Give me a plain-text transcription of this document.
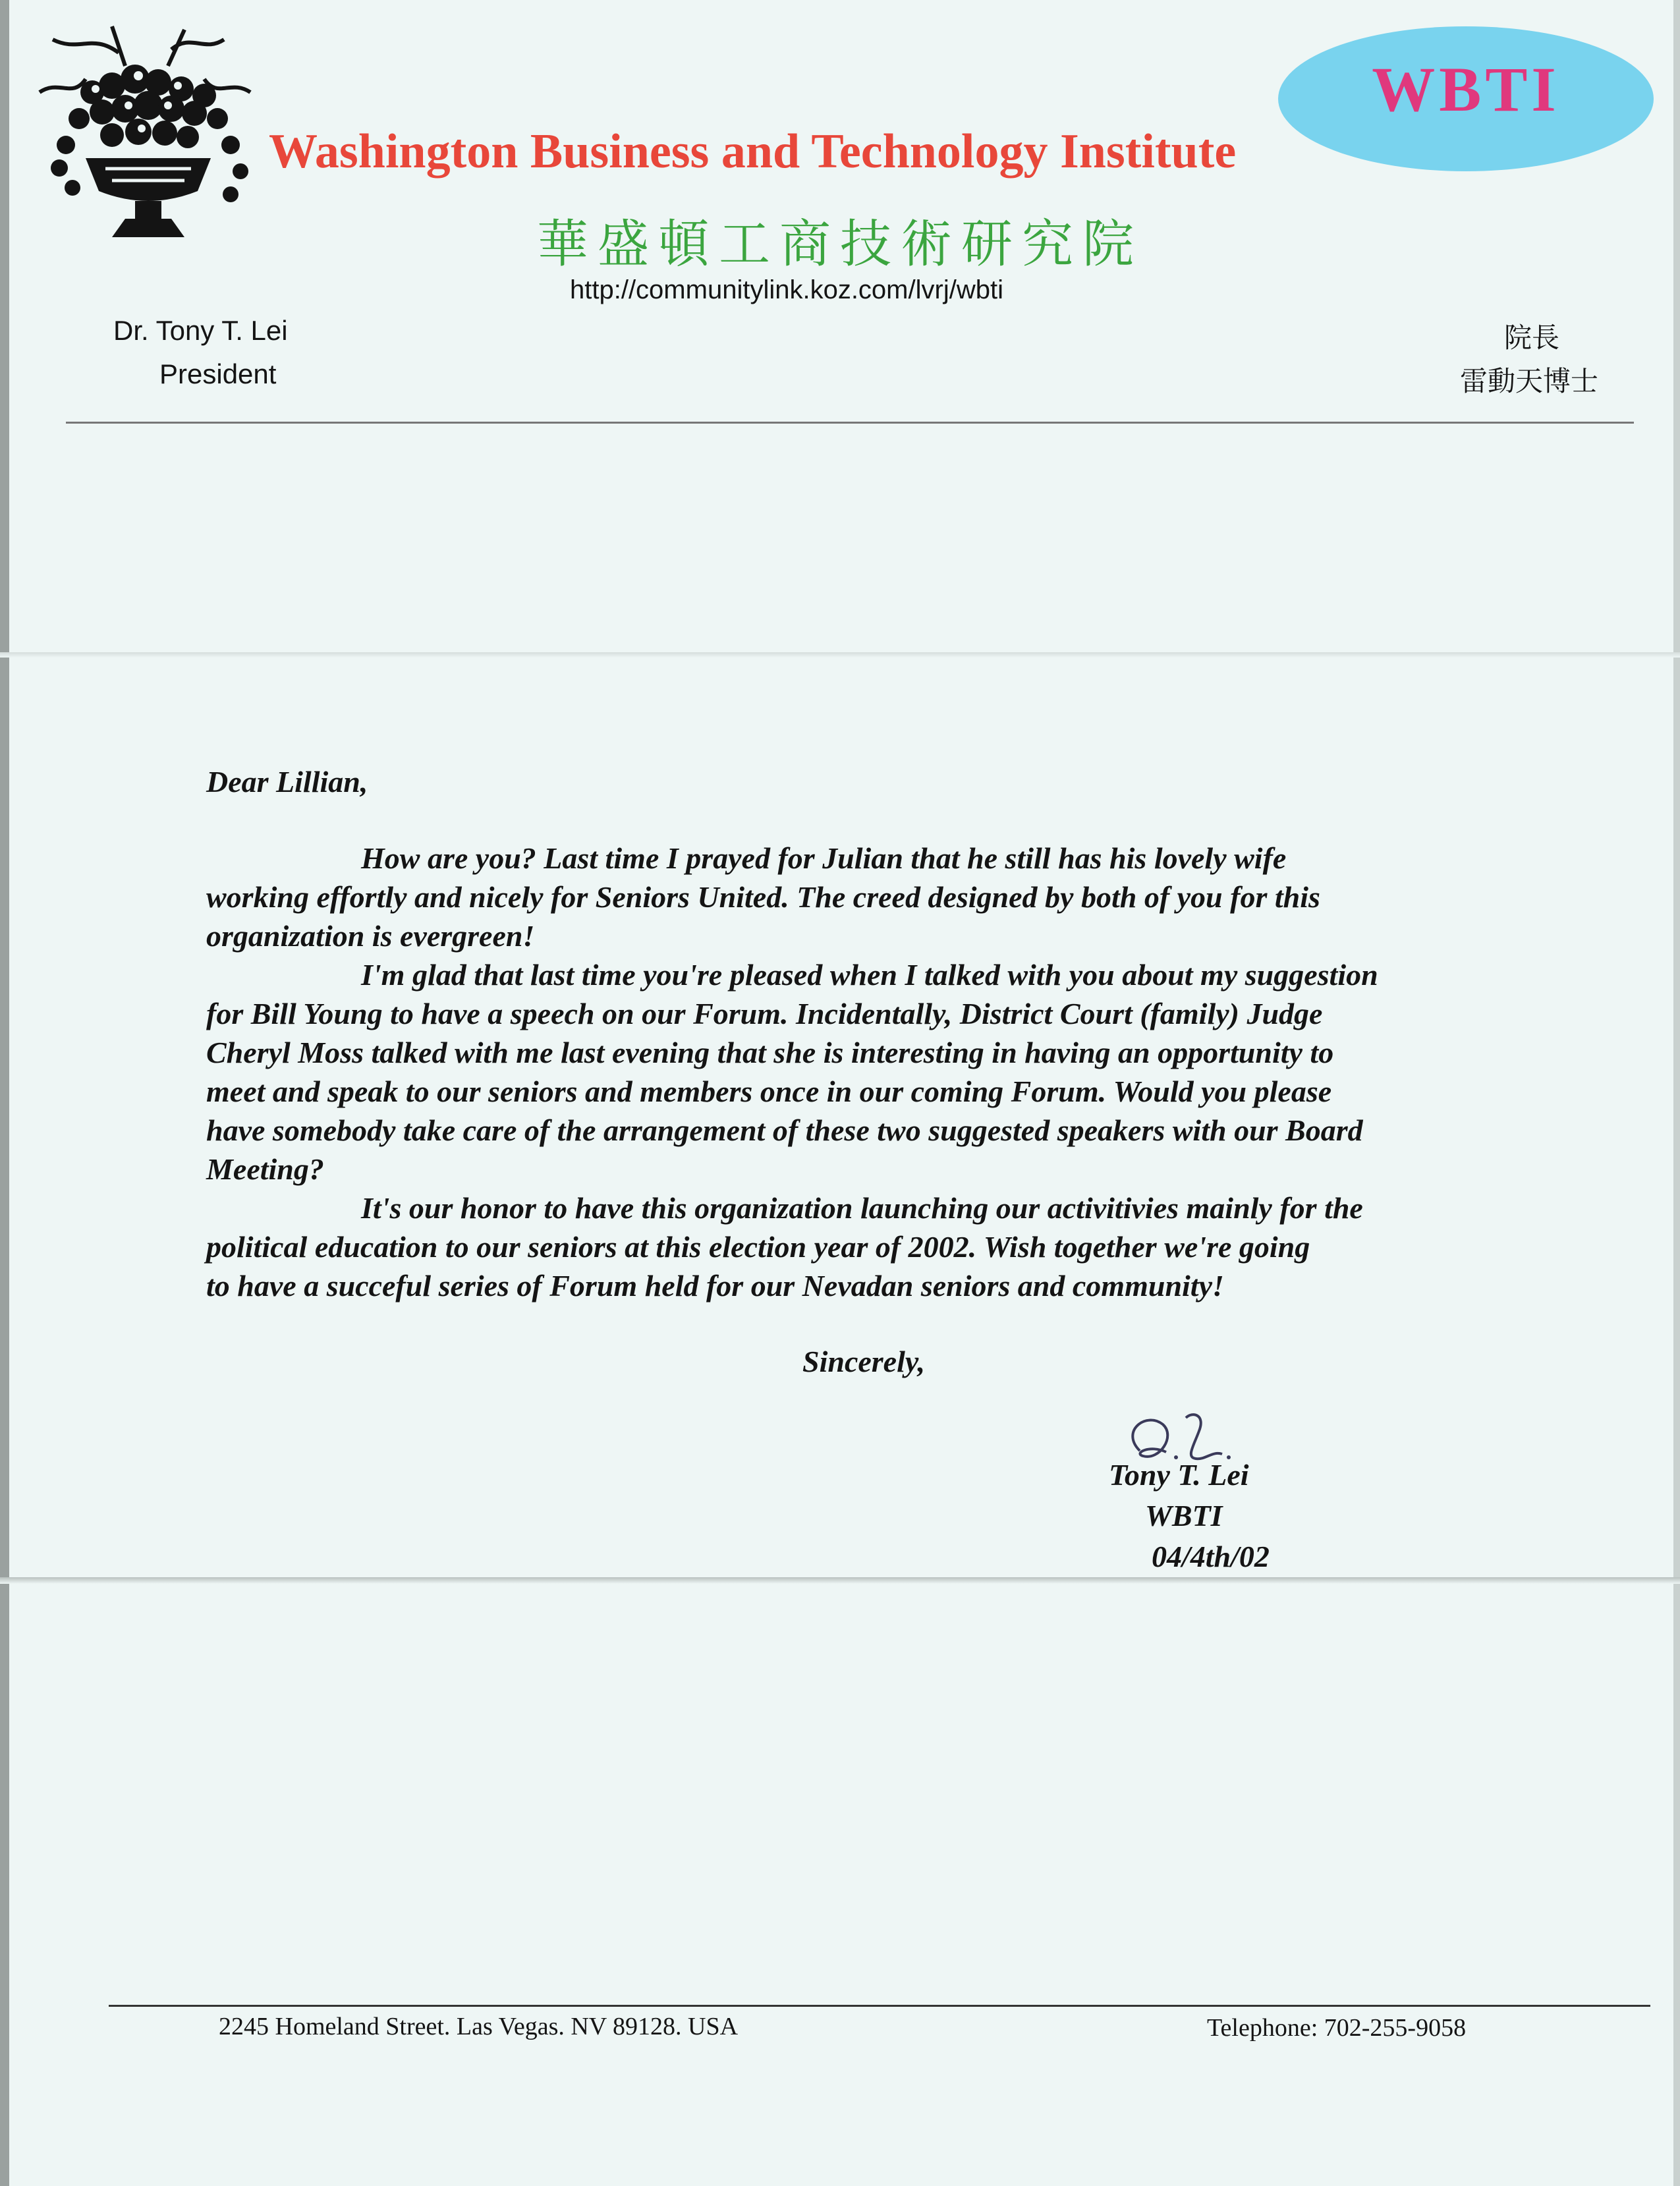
WBTI
Washington Business and Technology Institute
華盛頓工商技術研究院
http://communitylink.koz.com/lvrj/wbti
Dr. Tony T. Lei
President
院長
雷動天博士
Dear Lillian,
How are you? Last time I prayed for Julian that he still has his lovely wife
working effortly and nicely for Seniors United. The creed designed by both of you for this
organization is evergreen!
I'm glad that last time you're pleased when I talked with you about my suggestion
for Bill Young to have a speech on our Forum. Incidentally, District Court (family) Judge
Cheryl Moss talked with me last evening that she is interesting in having an opportunity to
meet and speak to our seniors and members once in our coming Forum. Would you please
have somebody take care of the arrangement of these two suggested speakers with our Board
Meeting?
It's our honor to have this organization launching our activitivies mainly for the
political education to our seniors at this election year of 2002. Wish together we're going
to have a succeful series of Forum held for our Nevadan seniors and community!
Sincerely,
Tony T. Lei
WBTI
04/4th/02
2245 Homeland Street. Las Vegas. NV 89128. USA	Telephone: 702-255-9058
